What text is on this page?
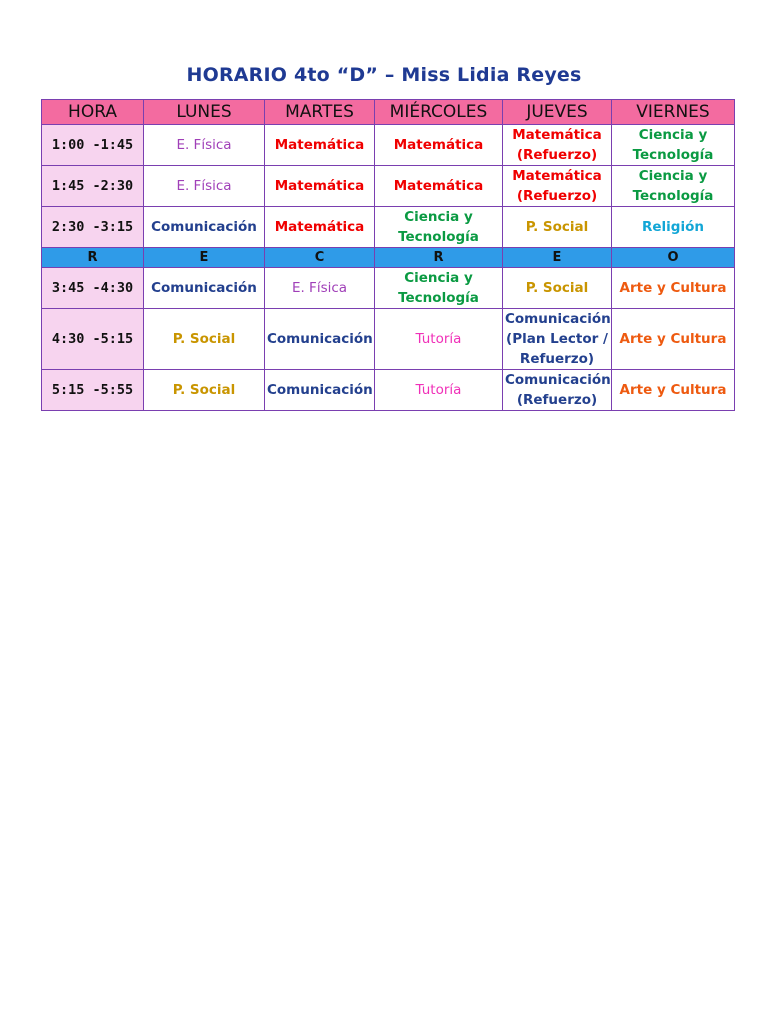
HORARIO 4to “D” – Miss Lidia Reyes
HORA	LUNES	MARTES	MIÉRCOLES	JUEVES	VIERNES
1:00 -1:45	E. Física	Matemática	Matemática	Matemática (Refuerzo)	Ciencia y Tecnología
1:45 -2:30	E. Física	Matemática	Matemática	Matemática (Refuerzo)	Ciencia y Tecnología
2:30 -3:15	Comunicación	Matemática	Ciencia y Tecnología	P. Social	Religión
R	E	C	R	E	O
3:45 -4:30	Comunicación	E. Física	Ciencia y Tecnología	P. Social	Arte y Cultura
4:30 -5:15	P. Social	Comunicación	Tutoría	Comunicación (Plan Lector / Refuerzo)	Arte y Cultura
5:15 -5:55	P. Social	Comunicación	Tutoría	Comunicación (Refuerzo)	Arte y Cultura
